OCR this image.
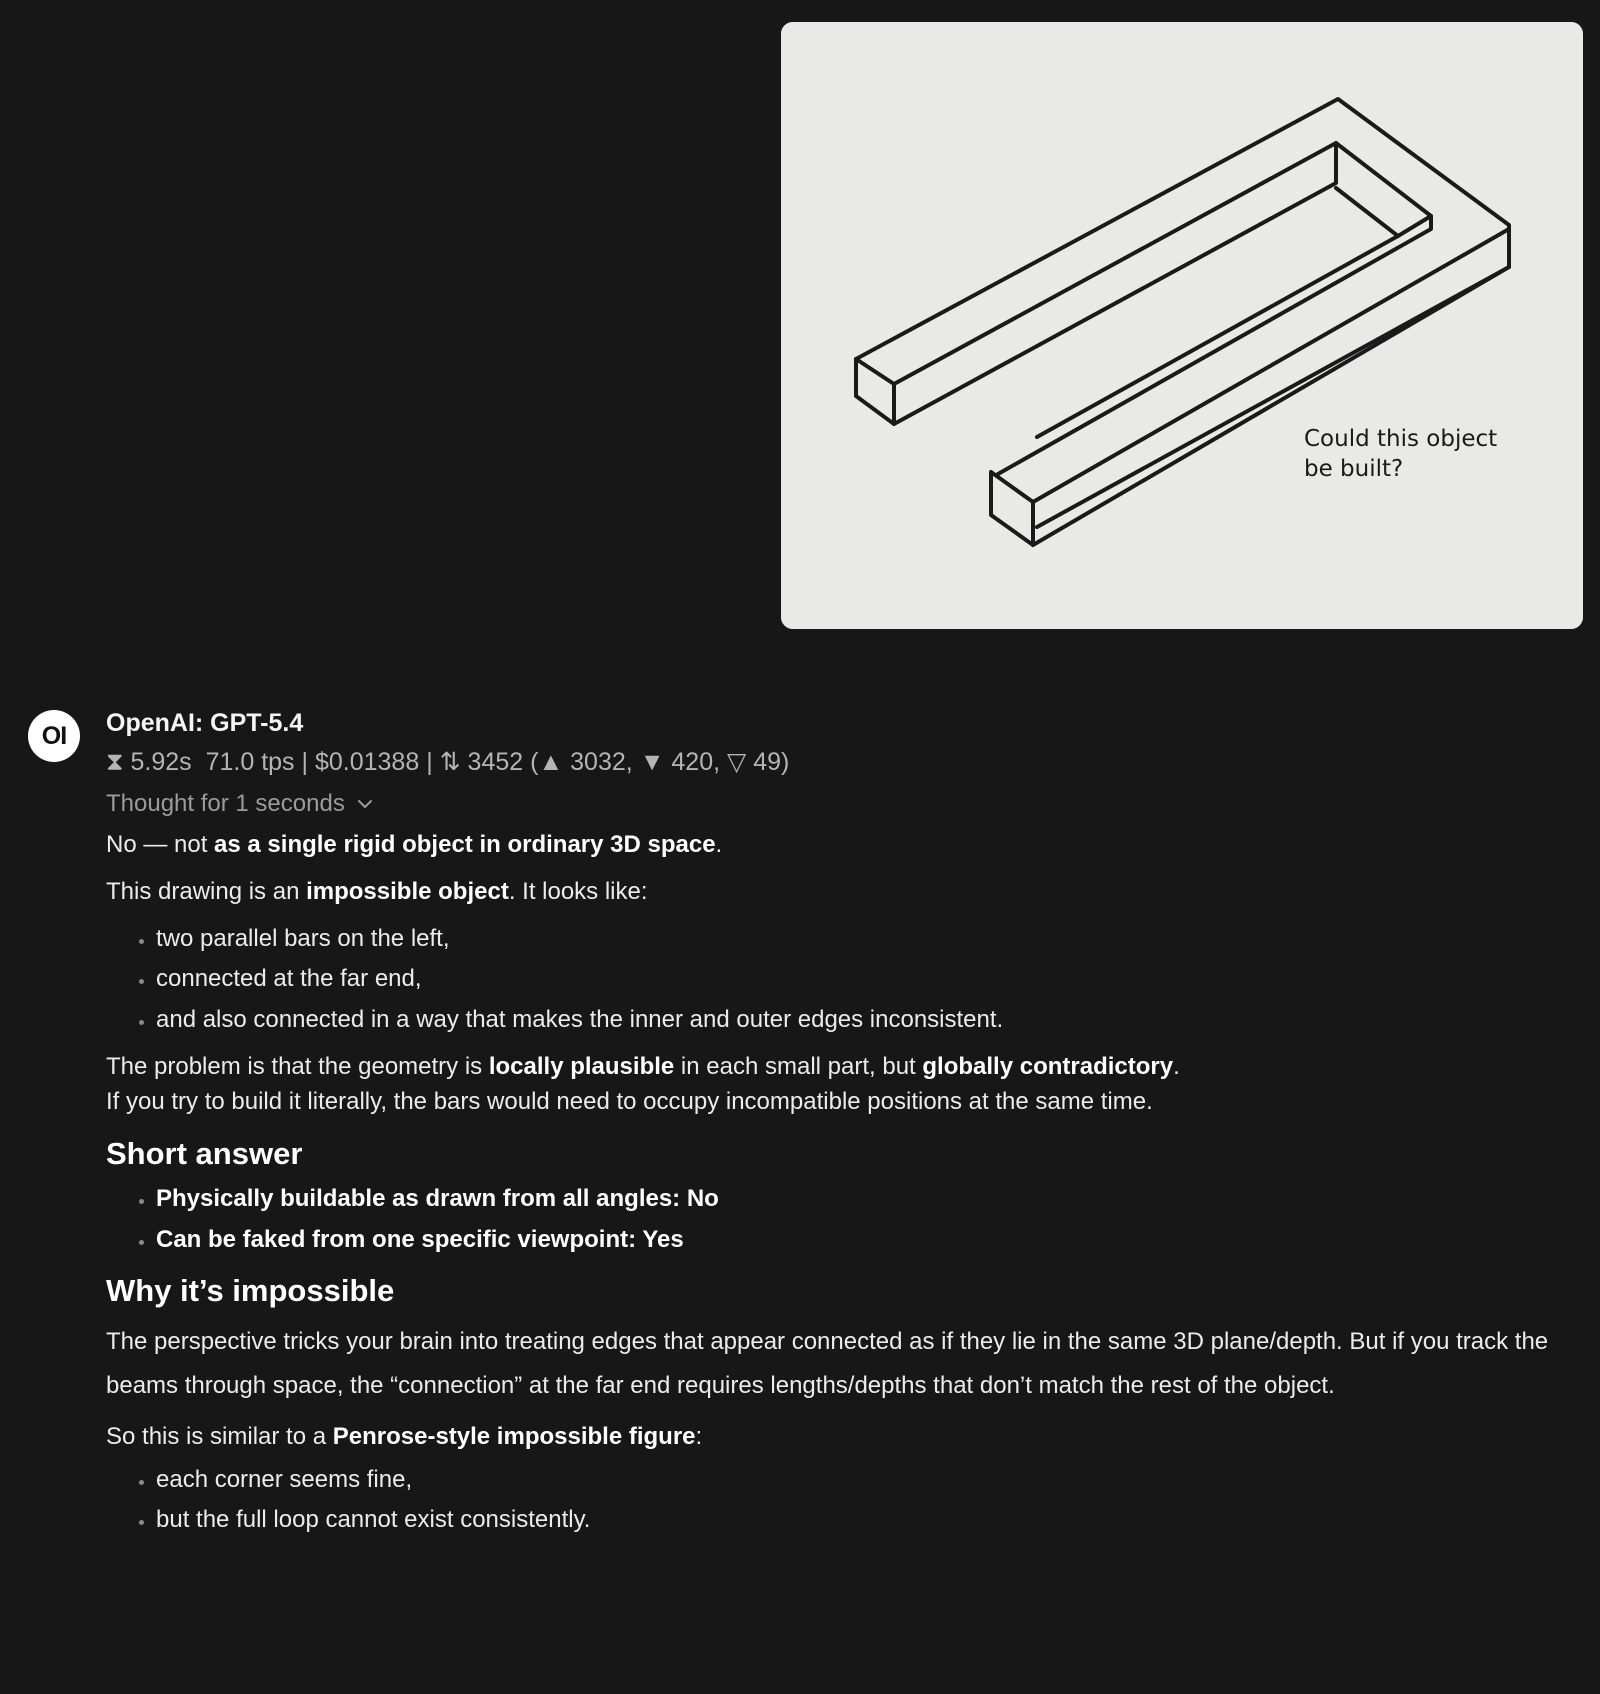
Could this object
be built?
OI	OpenAI: GPT-5.4
⧗ 5.92s 71.0 tps | $0.01388 | ⇅ 3452 (▲ 3032, ▼ 420, ▽ 49)
Thought for 1 seconds

No — not as a single rigid object in ordinary 3D space.

This drawing is an impossible object. It looks like:

• two parallel bars on the left,
• connected at the far end,
• and also connected in a way that makes the inner and outer edges inconsistent.

The problem is that the geometry is locally plausible in each small part, but globally contradictory.
If you try to build it literally, the bars would need to occupy incompatible positions at the same time.

Short answer
• Physically buildable as drawn from all angles: No
• Can be faked from one specific viewpoint: Yes
Why it’s impossible

The perspective tricks your brain into treating edges that appear connected as if they lie in the same 3D plane/depth. But if you track the beams through space, the “connection” at the far end requires lengths/depths that don’t match the rest of the object.

So this is similar to a Penrose-style impossible figure:

• each corner seems fine,
• but the full loop cannot exist consistently.
